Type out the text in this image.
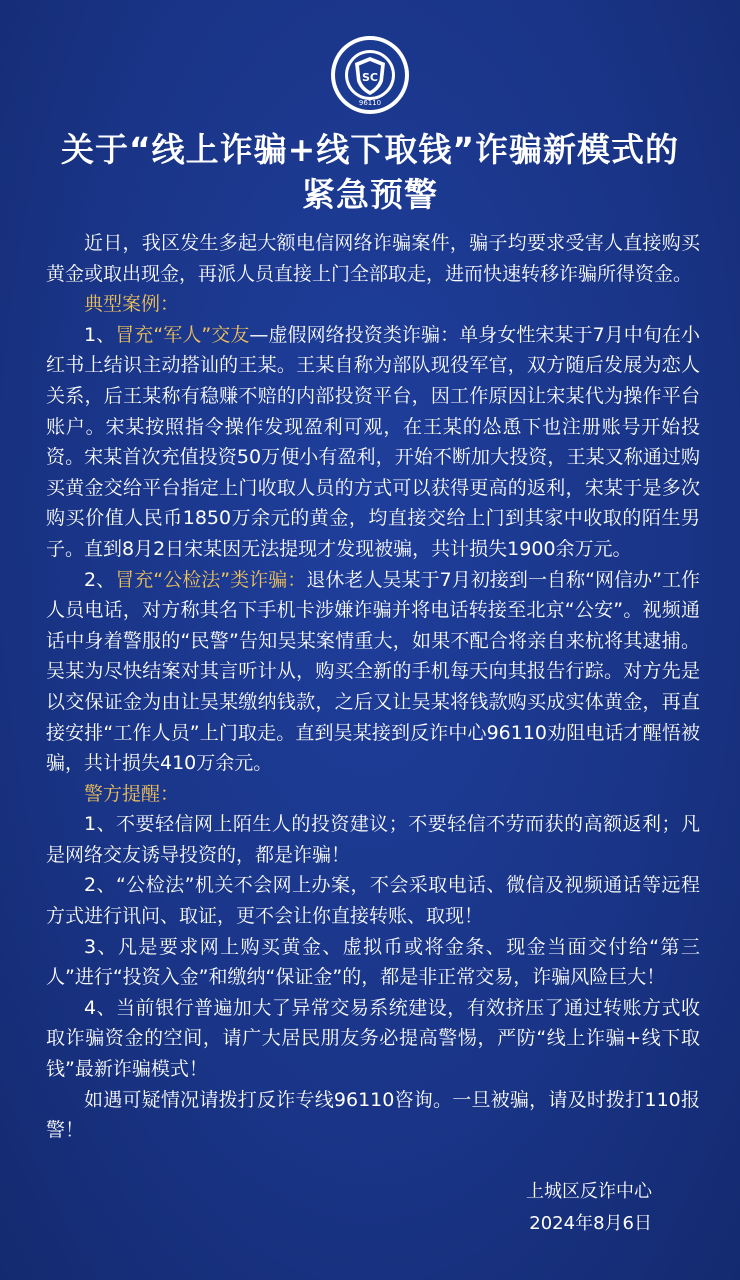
SC
96110
关于“线上诈骗+线下取钱”诈骗新模式的
紧急预警

近日，我区发生多起大额电信网络诈骗案件，骗子均要求受害人直接购买黄金或取出现金，再派人员直接上门全部取走，进而快速转移诈骗所得资金。

典型案例：

1、冒充“军人”交友—虚假网络投资类诈骗：单身女性宋某于7月中旬在小红书上结识主动搭讪的王某。王某自称为部队现役军官，双方随后发展为恋人关系，后王某称有稳赚不赔的内部投资平台，因工作原因让宋某代为操作平台账户。宋某按照指令操作发现盈利可观，在王某的怂恿下也注册账号开始投资。宋某首次充值投资50万便小有盈利，开始不断加大投资，王某又称通过购买黄金交给平台指定上门收取人员的方式可以获得更高的返利，宋某于是多次购买价值人民币1850万余元的黄金，均直接交给上门到其家中收取的陌生男子。直到8月2日宋某因无法提现才发现被骗，共计损失1900余万元。

2、冒充“公检法”类诈骗：退休老人吴某于7月初接到一自称“网信办”工作人员电话，对方称其名下手机卡涉嫌诈骗并将电话转接至北京“公安”。视频通话中身着警服的“民警”告知吴某案情重大，如果不配合将亲自来杭将其逮捕。吴某为尽快结案对其言听计从，购买全新的手机每天向其报告行踪。对方先是以交保证金为由让吴某缴纳钱款，之后又让吴某将钱款购买成实体黄金，再直接安排“工作人员”上门取走。直到吴某接到反诈中心96110劝阻电话才醒悟被骗，共计损失410万余元。

警方提醒：

1、不要轻信网上陌生人的投资建议；不要轻信不劳而获的高额返利；凡是网络交友诱导投资的，都是诈骗！

2、“公检法”机关不会网上办案，不会采取电话、微信及视频通话等远程方式进行讯问、取证，更不会让你直接转账、取现！

3、凡是要求网上购买黄金、虚拟币或将金条、现金当面交付给“第三人”进行“投资入金”和缴纳“保证金”的，都是非正常交易，诈骗风险巨大！

4、当前银行普遍加大了异常交易系统建设，有效挤压了通过转账方式收取诈骗资金的空间，请广大居民朋友务必提高警惕，严防“线上诈骗+线下取钱”最新诈骗模式！

如遇可疑情况请拨打反诈专线96110咨询。一旦被骗，请及时拨打110报警！

上城区反诈中心
2024年8月6日
